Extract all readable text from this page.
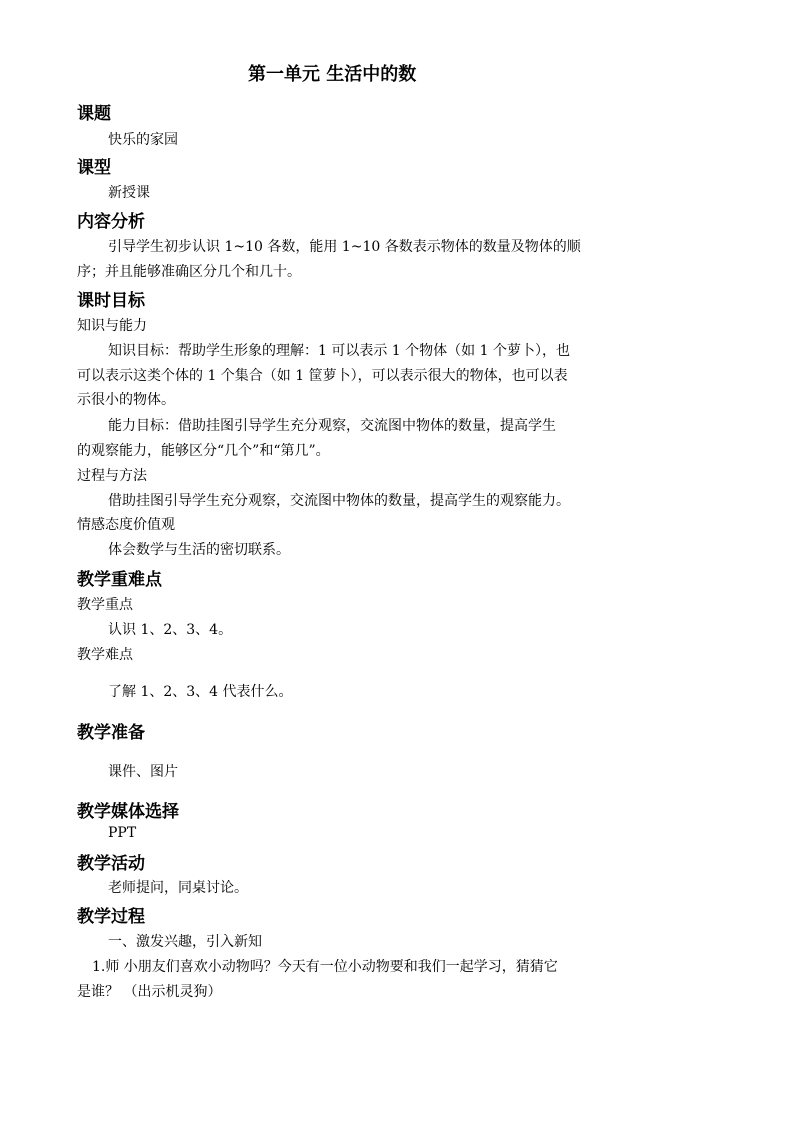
第一单元 生活中的数
课题
快乐的家园
课型
新授课
内容分析
引导学生初步认识 1~10 各数，能用 1~10 各数表示物体的数量及物体的顺
序；并且能够准确区分几个和几十。
课时目标
知识与能力
知识目标：帮助学生形象的理解：1 可以表示 1 个物体（如 1 个萝卜），也
可以表示这类个体的 1 个集合（如 1 筐萝卜），可以表示很大的物体，也可以表
示很小的物体。
能力目标：借助挂图引导学生充分观察，交流图中物体的数量，提高学生
的观察能力，能够区分“几个”和“第几”。
过程与方法
借助挂图引导学生充分观察，交流图中物体的数量，提高学生的观察能力。
情感态度价值观
体会数学与生活的密切联系。
教学重难点
教学重点
认识 1、2、3、4。
教学难点
了解 1、2、3、4 代表什么。
教学准备
课件、图片
教学媒体选择
PPT
教学活动
老师提问，同桌讨论。
教学过程
一、激发兴趣，引入新知
1.师 小朋友们喜欢小动物吗？今天有一位小动物要和我们一起学习，猜猜它
是谁？ （出示机灵狗）
